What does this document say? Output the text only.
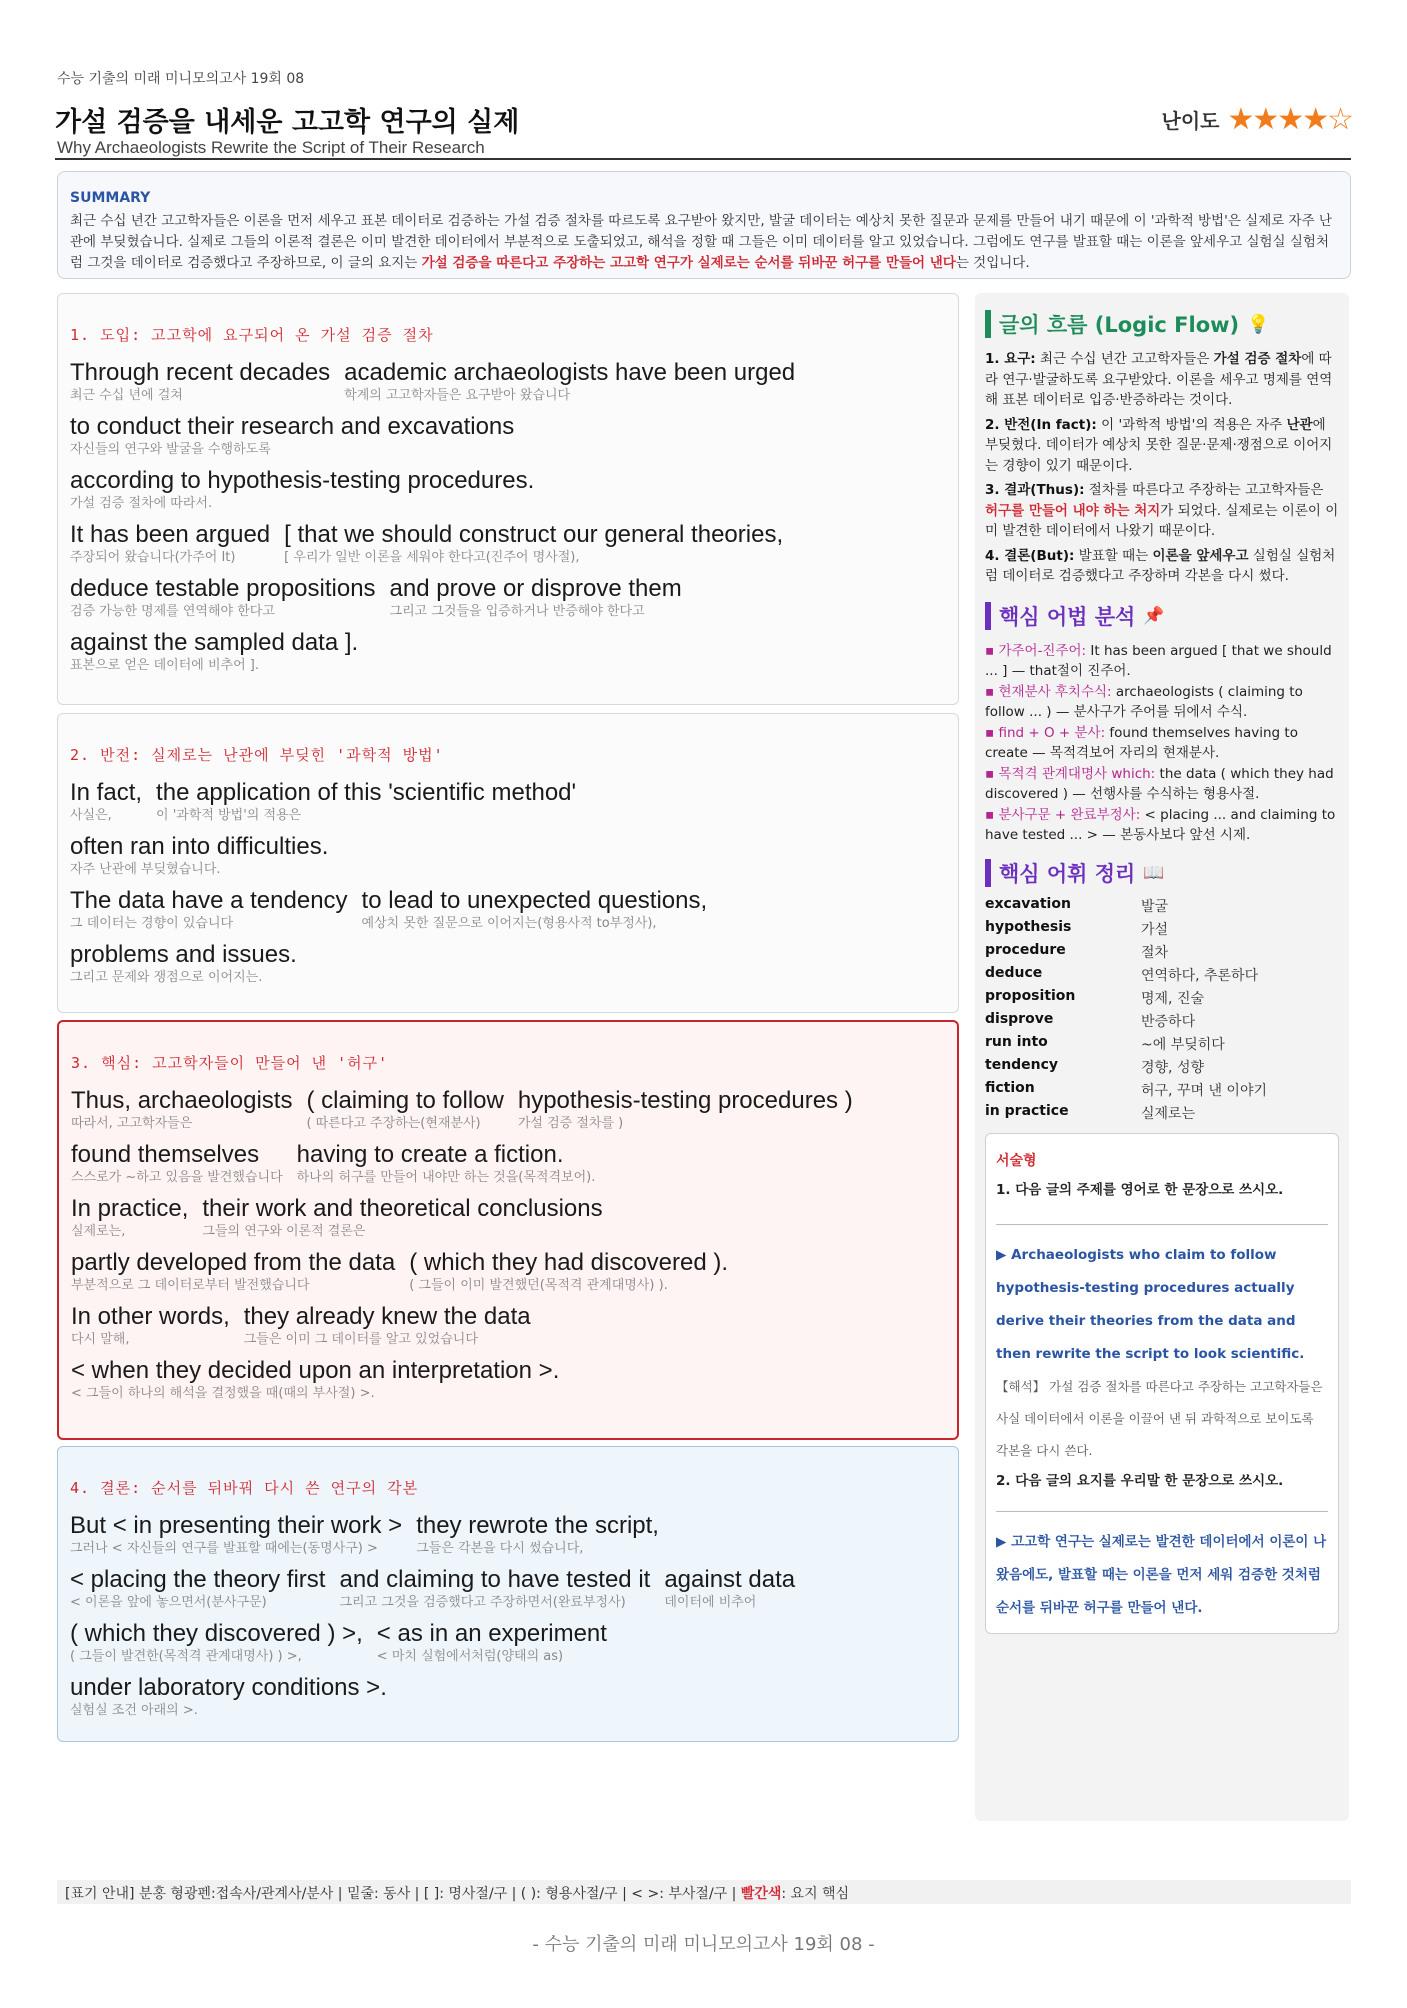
수능 기출의 미래 미니모의고사 19회 08
가설 검증을 내세운 고고학 연구의 실제
Why Archaeologists Rewrite the Script of Their Research
난이도 ★★★★☆
SUMMARY
최근 수십 년간 고고학자들은 이론을 먼저 세우고 표본 데이터로 검증하는 가설 검증 절차를 따르도록 요구받아 왔지만, 발굴 데이터는 예상치 못한 질문과 문제를 만들어 내기 때문에 이 '과학적 방법'은 실제로 자주 난관에 부딪혔습니다. 실제로 그들의 이론적 결론은 이미 발견한 데이터에서 부분적으로 도출되었고, 해석을 정할 때 그들은 이미 데이터를 알고 있었습니다. 그럼에도 연구를 발표할 때는 이론을 앞세우고 실험실 실험처럼 그것을 데이터로 검증했다고 주장하므로, 이 글의 요지는 가설 검증을 따른다고 주장하는 고고학 연구가 실제로는 순서를 뒤바꾼 허구를 만들어 낸다는 것입니다.
1. 도입: 고고학에 요구되어 온 가설 검증 절차
Through recent decades
최근 수십 년에 걸쳐
academic archaeologists have been urged
학계의 고고학자들은 요구받아 왔습니다
to conduct their research and excavations
자신들의 연구와 발굴을 수행하도록
according to hypothesis-testing procedures.
가설 검증 절차에 따라서.
It has been argued
주장되어 왔습니다(가주어 It)
[ that we should construct our general theories,
[ 우리가 일반 이론을 세워야 한다고(진주어 명사절),
deduce testable propositions
검증 가능한 명제를 연역해야 한다고
and prove or disprove them
그리고 그것들을 입증하거나 반증해야 한다고
against the sampled data ].
표본으로 얻은 데이터에 비추어 ].
2. 반전: 실제로는 난관에 부딪힌 '과학적 방법'
In fact,
사실은,
the application of this 'scientific method'
이 '과학적 방법'의 적용은
often ran into difficulties.
자주 난관에 부딪혔습니다.
The data have a tendency
그 데이터는 경향이 있습니다
to lead to unexpected questions,
예상치 못한 질문으로 이어지는(형용사적 to부정사),
problems and issues.
그리고 문제와 쟁점으로 이어지는.
3. 핵심: 고고학자들이 만들어 낸 '허구'
Thus, archaeologists
따라서, 고고학자들은
( claiming to follow
( 따른다고 주장하는(현재분사)
hypothesis-testing procedures )
가설 검증 절차를 )
found themselves
스스로가 ~하고 있음을 발견했습니다
having to create a fiction.
하나의 허구를 만들어 내야만 하는 것을(목적격보어).
In practice,
실제로는,
their work and theoretical conclusions
그들의 연구와 이론적 결론은
partly developed from the data
부분적으로 그 데이터로부터 발전했습니다
( which they had discovered ).
( 그들이 이미 발견했던(목적격 관계대명사) ).
In other words,
다시 말해,
they already knew the data
그들은 이미 그 데이터를 알고 있었습니다
< when they decided upon an interpretation >.
< 그들이 하나의 해석을 결정했을 때(때의 부사절) >.
4. 결론: 순서를 뒤바꿔 다시 쓴 연구의 각본
But < in presenting their work >
그러나 < 자신들의 연구를 발표할 때에는(동명사구) >
they rewrote the script,
그들은 각본을 다시 썼습니다,
< placing the theory first
< 이론을 앞에 놓으면서(분사구문)
and claiming to have tested it
그리고 그것을 검증했다고 주장하면서(완료부정사)
against data
데이터에 비추어
( which they discovered ) >,
( 그들이 발견한(목적격 관계대명사) ) >,
< as in an experiment
< 마치 실험에서처럼(양태의 as)
under laboratory conditions >.
실험실 조건 아래의 >.
글의 흐름 (Logic Flow) 💡

1. 요구: 최근 수십 년간 고고학자들은 가설 검증 절차에 따라 연구·발굴하도록 요구받았다. 이론을 세우고 명제를 연역해 표본 데이터로 입증·반증하라는 것이다.

2. 반전(In fact): 이 '과학적 방법'의 적용은 자주 난관에 부딪혔다. 데이터가 예상치 못한 질문·문제·쟁점으로 이어지는 경향이 있기 때문이다.

3. 결과(Thus): 절차를 따른다고 주장하는 고고학자들은 허구를 만들어 내야 하는 처지가 되었다. 실제로는 이론이 이미 발견한 데이터에서 나왔기 때문이다.

4. 결론(But): 발표할 때는 이론을 앞세우고 실험실 실험처럼 데이터로 검증했다고 주장하며 각본을 다시 썼다.

핵심 어법 분석 📌

▪ 가주어-진주어: It has been argued [ that we should ... ] — that절이 진주어.

▪ 현재분사 후치수식: archaeologists ( claiming to follow ... ) — 분사구가 주어를 뒤에서 수식.

▪ find + O + 분사: found themselves having to create — 목적격보어 자리의 현재분사.

▪ 목적격 관계대명사 which: the data ( which they had discovered ) — 선행사를 수식하는 형용사절.

▪ 분사구문 + 완료부정사: < placing ... and claiming to have tested ... > — 본동사보다 앞선 시제.

핵심 어휘 정리 📖
excavation	발굴
hypothesis	가설
procedure	절차
deduce	연역하다, 추론하다
proposition	명제, 진술
disprove	반증하다
run into	~에 부딪히다
tendency	경향, 성향
fiction	허구, 꾸며 낸 이야기
in practice	실제로는
서술형
1. 다음 글의 주제를 영어로 한 문장으로 쓰시오.
▶ Archaeologists who claim to follow hypothesis-testing procedures actually derive their theories from the data and then rewrite the script to look scientific.
【해석】 가설 검증 절차를 따른다고 주장하는 고고학자들은 사실 데이터에서 이론을 이끌어 낸 뒤 과학적으로 보이도록 각본을 다시 쓴다.
2. 다음 글의 요지를 우리말 한 문장으로 쓰시오.
▶ 고고학 연구는 실제로는 발견한 데이터에서 이론이 나왔음에도, 발표할 때는 이론을 먼저 세워 검증한 것처럼 순서를 뒤바꾼 허구를 만들어 낸다.
[표기 안내] 분홍 형광펜:접속사/관계사/분사 | 밑줄: 동사 | [ ]: 명사절/구 | ( ): 형용사절/구 | < >: 부사절/구 | 빨간색: 요지 핵심
- 수능 기출의 미래 미니모의고사 19회 08 -
